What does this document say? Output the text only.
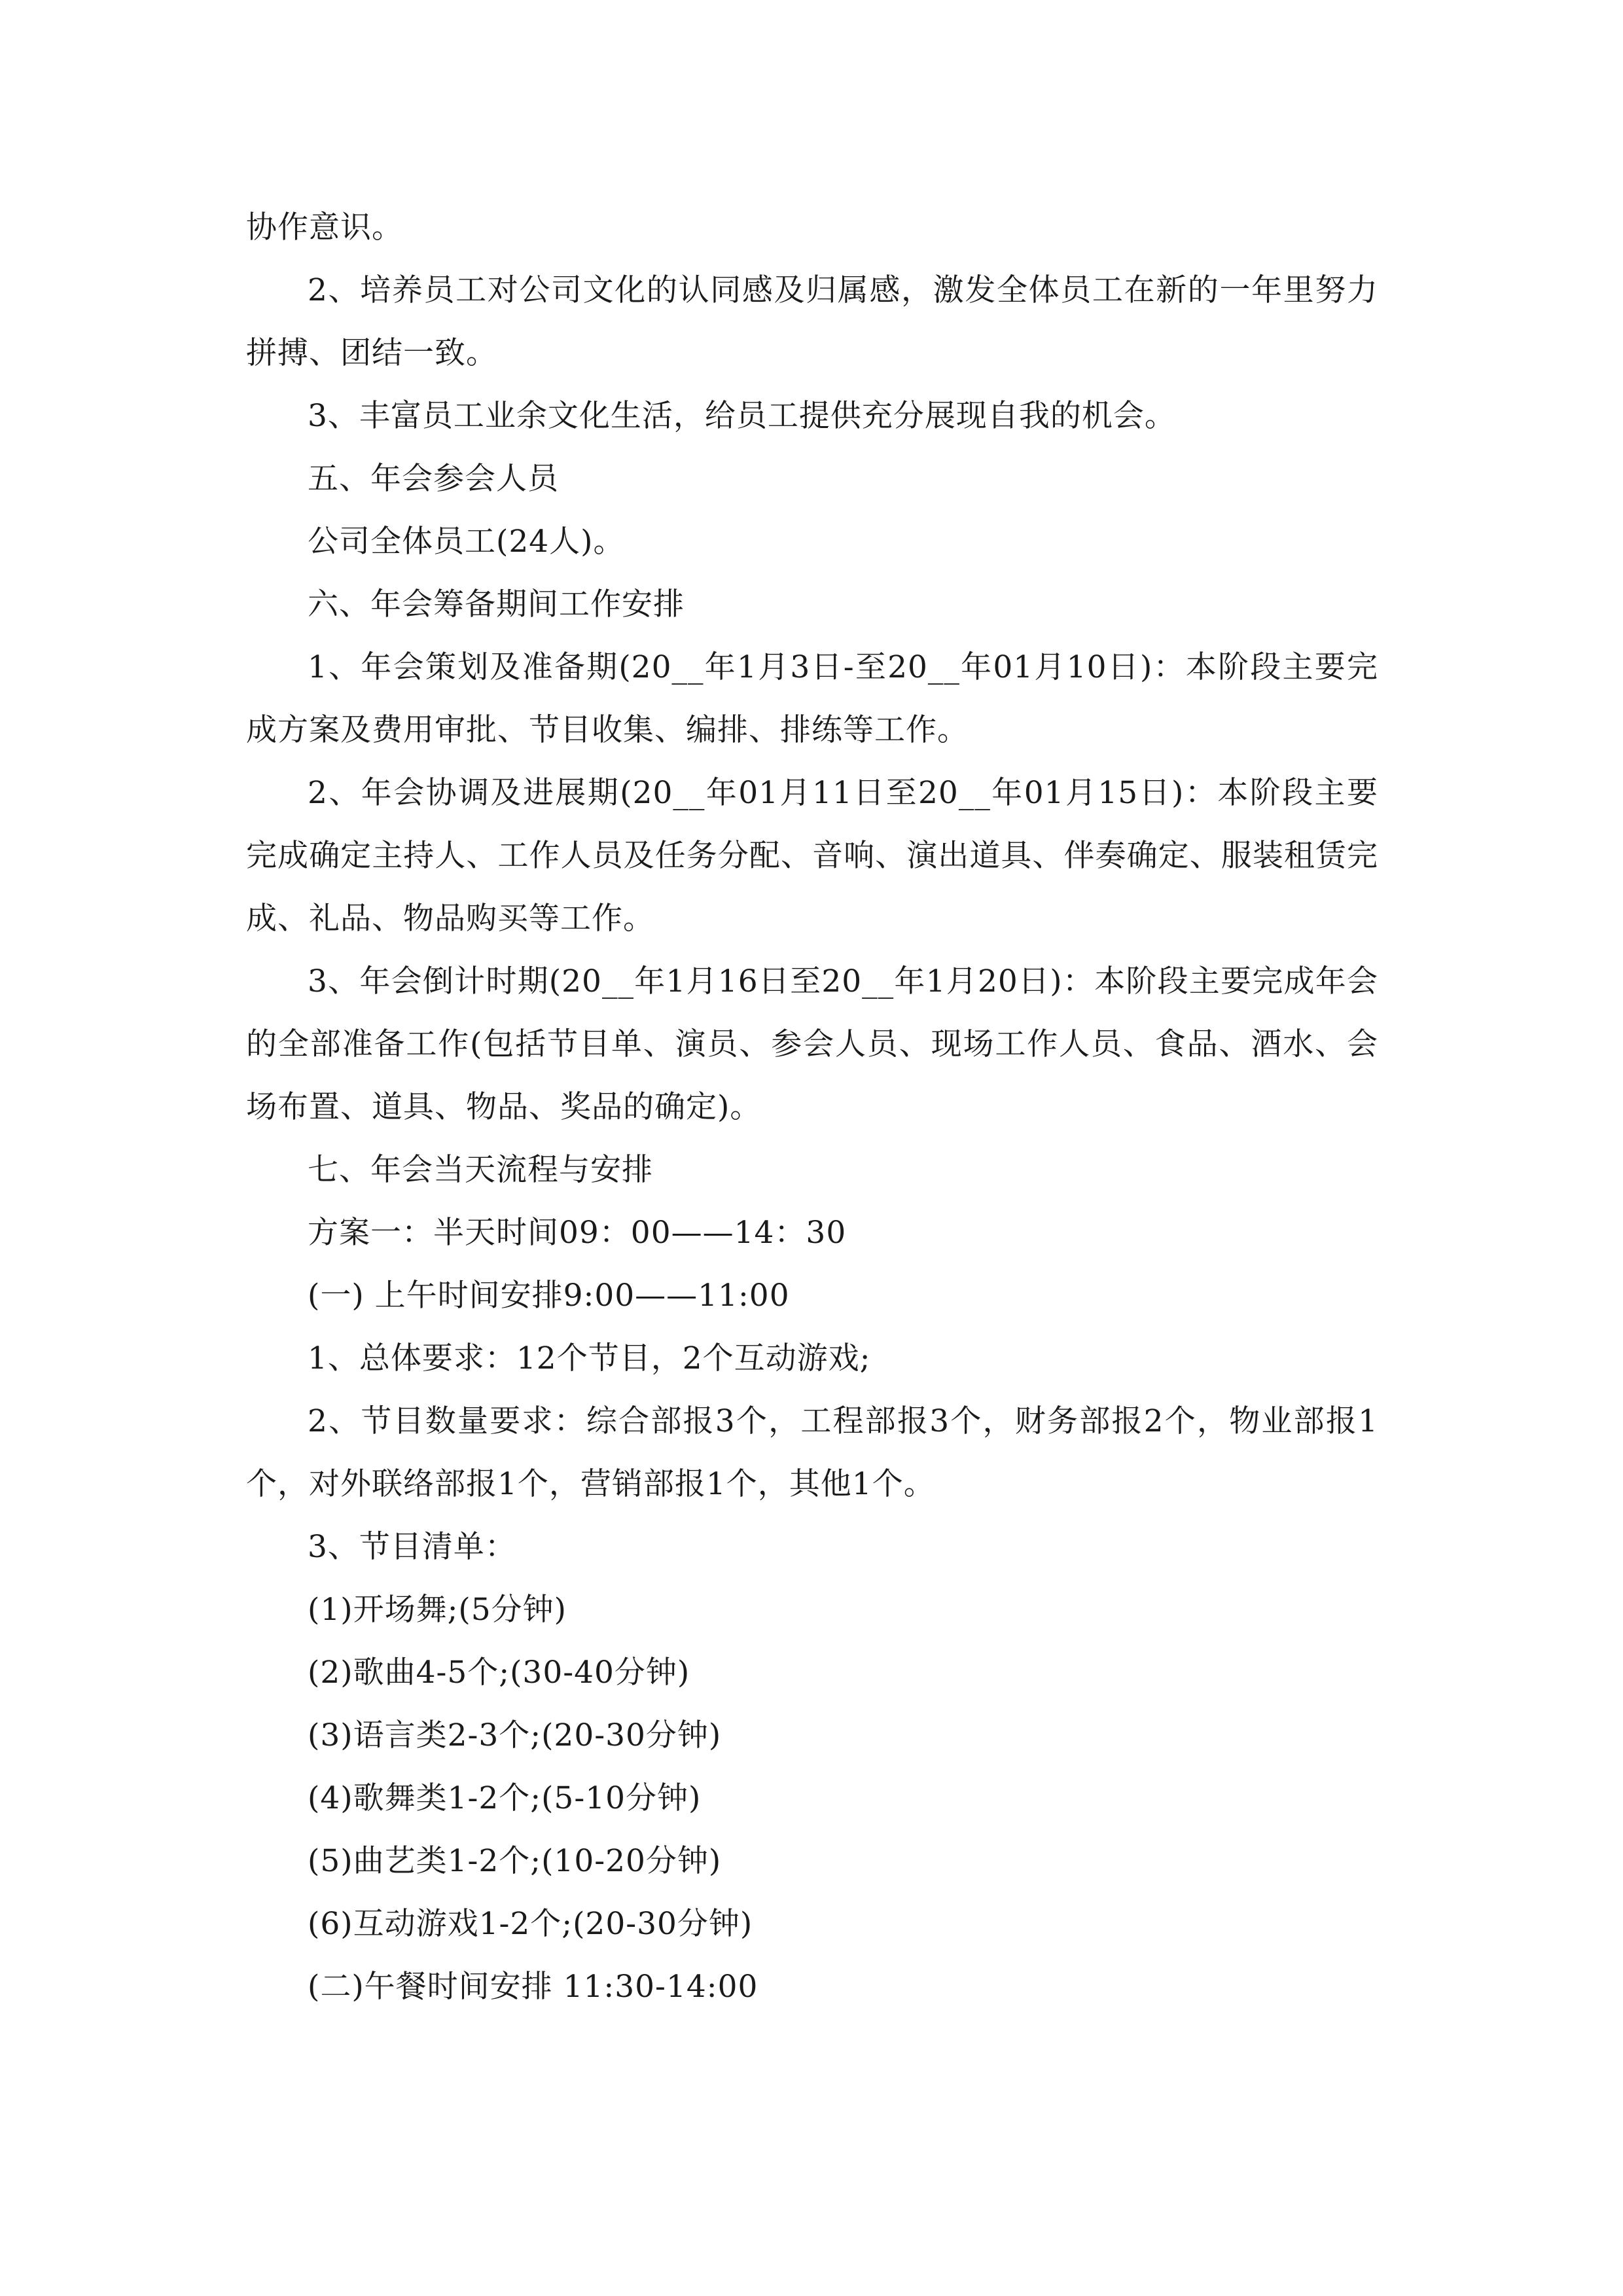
协作意识。

2、培养员工对公司文化的认同感及归属感，激发全体员工在新的一年里努力拼搏、团结一致。

3、丰富员工业余文化生活，给员工提供充分展现自我的机会。

五、年会参会人员

公司全体员工(24人)。

六、年会筹备期间工作安排

1、年会策划及准备期(20__年1月3日-至20__年01月10日)：本阶段主要完成方案及费用审批、节目收集、编排、排练等工作。

2、年会协调及进展期(20__年01月11日至20__年01月15日)：本阶段主要完成确定主持人、工作人员及任务分配、音响、演出道具、伴奏确定、服装租赁完成、礼品、物品购买等工作。

3、年会倒计时期(20__年1月16日至20__年1月20日)：本阶段主要完成年会的全部准备工作(包括节目单、演员、参会人员、现场工作人员、食品、酒水、会场布置、道具、物品、奖品的确定)。

七、年会当天流程与安排

方案一：半天时间09：00——14：30

(一) 上午时间安排9:00——11:00

1、总体要求：12个节目，2个互动游戏;

2、节目数量要求：综合部报3个，工程部报3个，财务部报2个，物业部报1个，对外联络部报1个，营销部报1个，其他1个。

3、节目清单：

(1)开场舞;(5分钟)

(2)歌曲4-5个;(30-40分钟)

(3)语言类2-3个;(20-30分钟)

(4)歌舞类1-2个;(5-10分钟)

(5)曲艺类1-2个;(10-20分钟)

(6)互动游戏1-2个;(20-30分钟)

(二)午餐时间安排 11:30-14:00
